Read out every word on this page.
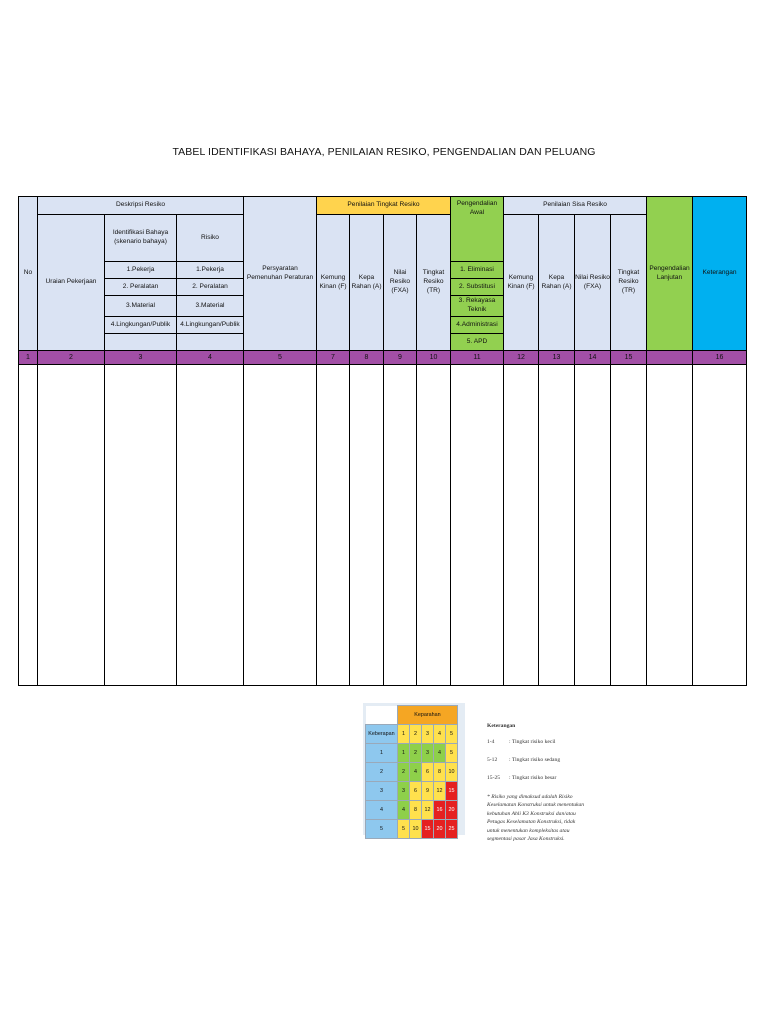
TABEL IDENTIFIKASI BAHAYA, PENILAIAN RESIKO, PENGENDALIAN DAN PELUANG
No	Deskripsi Resiko			Persyaratan Pemenuhan Peraturan	Penilaian Tingkat Resiko				Pengendalian Awal	Penilaian Sisa Resiko				Pengendalian Lanjutan	Keterangan
	Uraian Pekerjaan	Identifikasi Bahaya (skenario bahaya)	Risiko		Kemung Kinan (F)	Kepa Rahan (A)	Nilai Resiko (FXA)	Tingkat Resiko (TR)		Kemung Kinan (F)	Kepa Rahan (A)	Nilai Resiko (FXA)	Tingkat Resiko (TR)		
		1.Pekerja	1.Pekerja						1. Eliminasi						
		2. Peralatan	2. Peralatan						2. Substitusi						
		3.Material	3.Material						3. Rekayasa Teknik						
		4.Lingkungan/Publik	4.Lingkungan/Publik						4.Administrasi						
									5. APD						
1	2	3	4	5	7	8	9	10	11	12	13	14	15		16

	Keparahan				
Keberapan	1	2	3	4	5
1	1	2	3	4	5
2	2	4	6	8	10
3	3	6	9	12	15
4	4	8	12	16	20
5	5	10	15	20	25
Keterangan
1-4	: Tingkat risiko kecil
5-12 : Tingkat risiko sedang
15-25 : Tingkat risiko besar
* Risiko yang dimaksud adalah Risiko Keselamatan Konstruksi untuk menentukan kebutuhan Ahli K3 Konstruksi dan/atau Petugas Keselamatan Konstruksi, tidak untuk menentukan kompleksitas atau segmentasi pasar Jasa Konstruksi.
